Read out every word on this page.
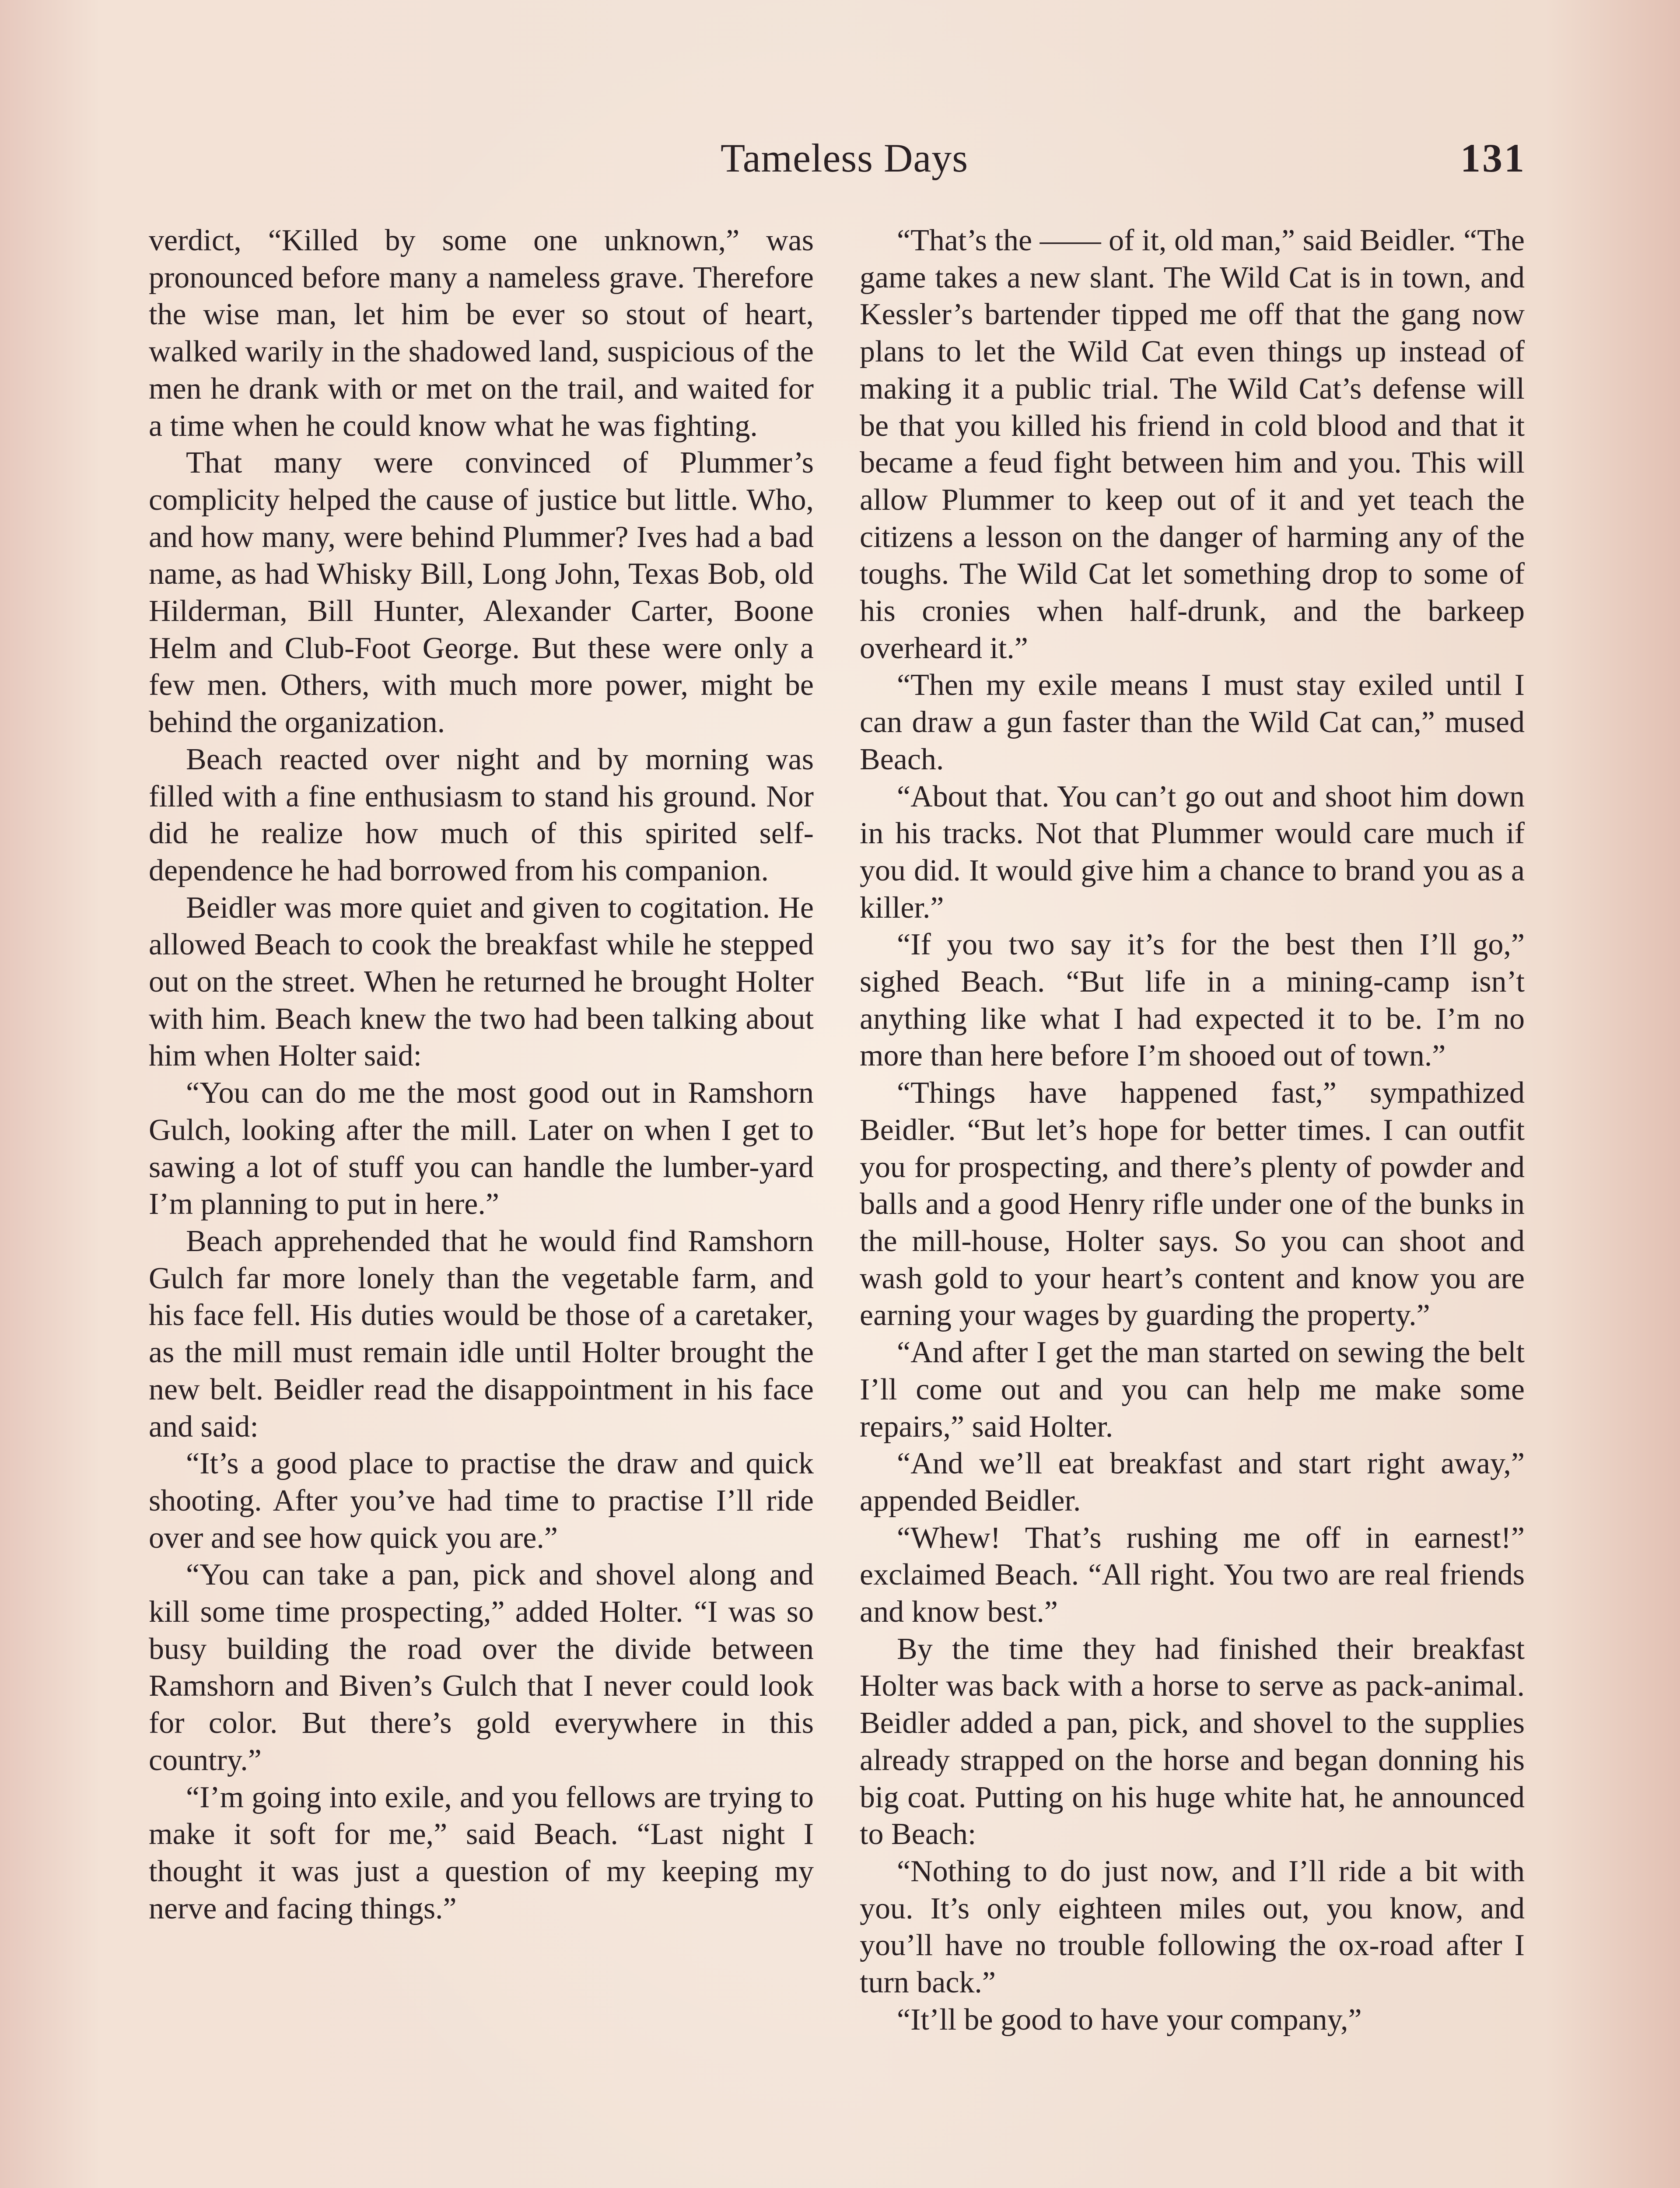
Tameless Days	131

verdict, “Killed by some one unknown,” was pronounced before many a nameless grave. Therefore the wise man, let him be ever so stout of heart, walked warily in the shadowed land, suspicious of the men he drank with or met on the trail, and waited for a time when he could know what he was fighting.

That many were convinced of Plummer’s complicity helped the cause of justice but little. Who, and how many, were behind Plummer? Ives had a bad name, as had Whisky Bill, Long John, Texas Bob, old Hilderman, Bill Hunter, Alexander Carter, Boone Helm and Club-Foot George. But these were only a few men. Others, with much more power, might be behind the organization.

Beach reacted over night and by morning was filled with a fine enthusiasm to stand his ground. Nor did he realize how much of this spirited self-dependence he had borrowed from his companion.

Beidler was more quiet and given to cogitation. He allowed Beach to cook the breakfast while he stepped out on the street. When he returned he brought Holter with him. Beach knew the two had been talking about him when Holter said:

“You can do me the most good out in Ramshorn Gulch, looking after the mill. Later on when I get to sawing a lot of stuff you can handle the lumber-yard I’m planning to put in here.”

Beach apprehended that he would find Ramshorn Gulch far more lonely than the vegetable farm, and his face fell. His duties would be those of a caretaker, as the mill must remain idle until Holter brought the new belt. Beidler read the disappointment in his face and said:

“It’s a good place to practise the draw and quick shooting. After you’ve had time to practise I’ll ride over and see how quick you are.”

“You can take a pan, pick and shovel along and kill some time prospecting,” added Holter. “I was so busy building the road over the divide between Ramshorn and Biven’s Gulch that I never could look for color. But there’s gold everywhere in this country.”

“I’m going into exile, and you fellows are trying to make it soft for me,” said Beach. “Last night I thought it was just a question of my keeping my nerve and facing things.”

“That’s the —— of it, old man,” said Beidler. “The game takes a new slant. The Wild Cat is in town, and Kessler’s bartender tipped me off that the gang now plans to let the Wild Cat even things up instead of making it a public trial. The Wild Cat’s defense will be that you killed his friend in cold blood and that it became a feud fight between him and you. This will allow Plummer to keep out of it and yet teach the citizens a lesson on the danger of harming any of the toughs. The Wild Cat let something drop to some of his cronies when half-drunk, and the barkeep overheard it.”

“Then my exile means I must stay exiled until I can draw a gun faster than the Wild Cat can,” mused Beach.

“About that. You can’t go out and shoot him down in his tracks. Not that Plummer would care much if you did. It would give him a chance to brand you as a killer.”

“If you two say it’s for the best then I’ll go,” sighed Beach. “But life in a mining-camp isn’t anything like what I had expected it to be. I’m no more than here before I’m shooed out of town.”

“Things have happened fast,” sympathized Beidler. “But let’s hope for better times. I can outfit you for prospecting, and there’s plenty of powder and balls and a good Henry rifle under one of the bunks in the mill-house, Holter says. So you can shoot and wash gold to your heart’s content and know you are earning your wages by guarding the property.”

“And after I get the man started on sewing the belt I’ll come out and you can help me make some repairs,” said Holter.

“And we’ll eat breakfast and start right away,” appended Beidler.

“Whew! That’s rushing me off in earnest!” exclaimed Beach. “All right. You two are real friends and know best.”

By the time they had finished their breakfast Holter was back with a horse to serve as pack-animal. Beidler added a pan, pick, and shovel to the supplies already strapped on the horse and began donning his big coat. Putting on his huge white hat, he announced to Beach:

“Nothing to do just now, and I’ll ride a bit with you. It’s only eighteen miles out, you know, and you’ll have no trouble following the ox-road after I turn back.”

“It’ll be good to have your company,”
